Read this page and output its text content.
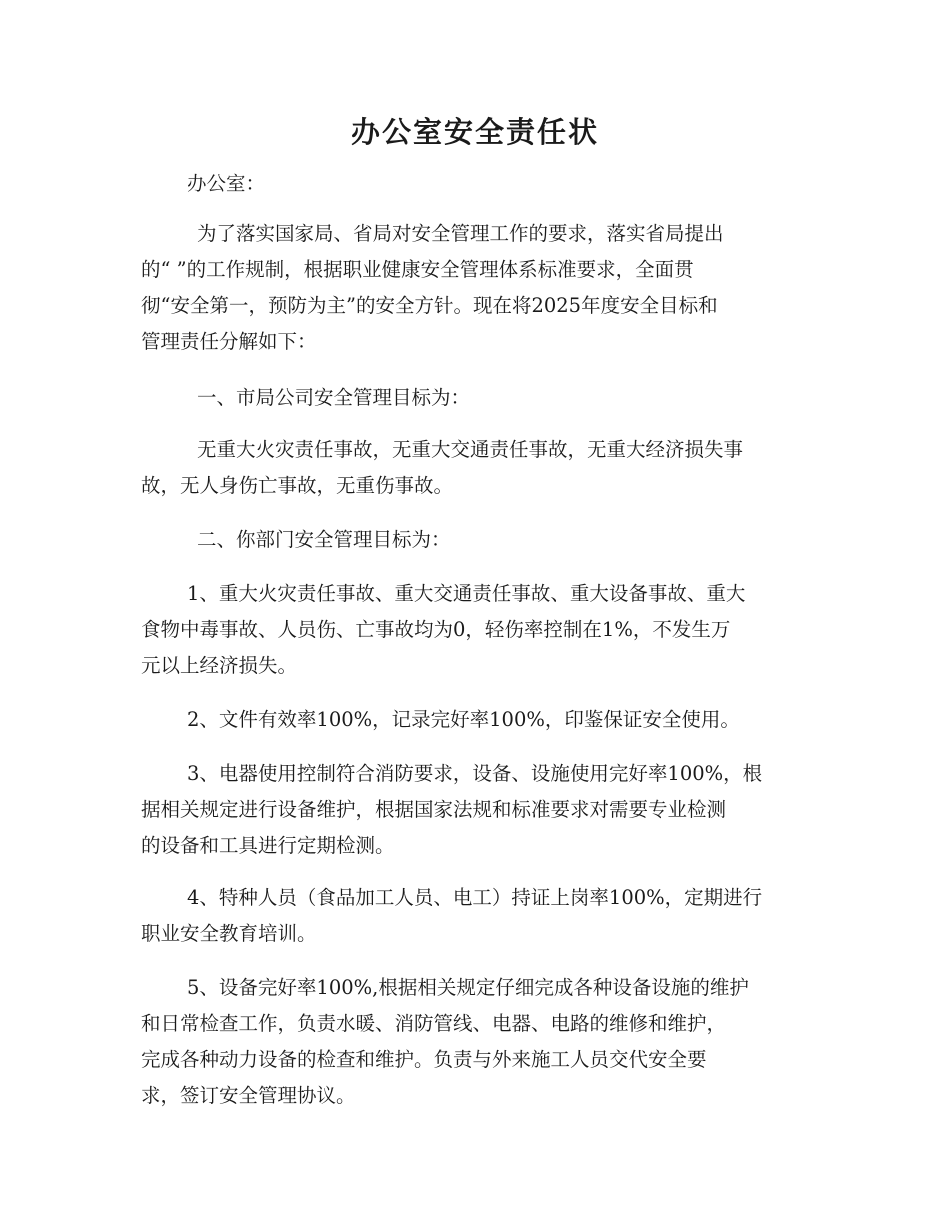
办公室安全责任状

办公室：

为了落实国家局、省局对安全管理工作的要求，落实省局提出
的“ ”的工作规制，根据职业健康安全管理体系标准要求，全面贯
彻“安全第一，预防为主”的安全方针。现在将2025年度安全目标和
管理责任分解如下：

一、市局公司安全管理目标为：

无重大火灾责任事故，无重大交通责任事故，无重大经济损失事
故，无人身伤亡事故，无重伤事故。

二、你部门安全管理目标为：

1、重大火灾责任事故、重大交通责任事故、重大设备事故、重大
食物中毒事故、人员伤、亡事故均为0，轻伤率控制在1%，不发生万
元以上经济损失。

2、文件有效率100%，记录完好率100%，印鉴保证安全使用。

3、电器使用控制符合消防要求，设备、设施使用完好率100%，根
据相关规定进行设备维护，根据国家法规和标准要求对需要专业检测
的设备和工具进行定期检测。

4、特种人员（食品加工人员、电工）持证上岗率100%，定期进行
职业安全教育培训。

5、设备完好率100%,根据相关规定仔细完成各种设备设施的维护
和日常检查工作，负责水暖、消防管线、电器、电路的维修和维护，
完成各种动力设备的检查和维护。负责与外来施工人员交代安全要
求，签订安全管理协议。
